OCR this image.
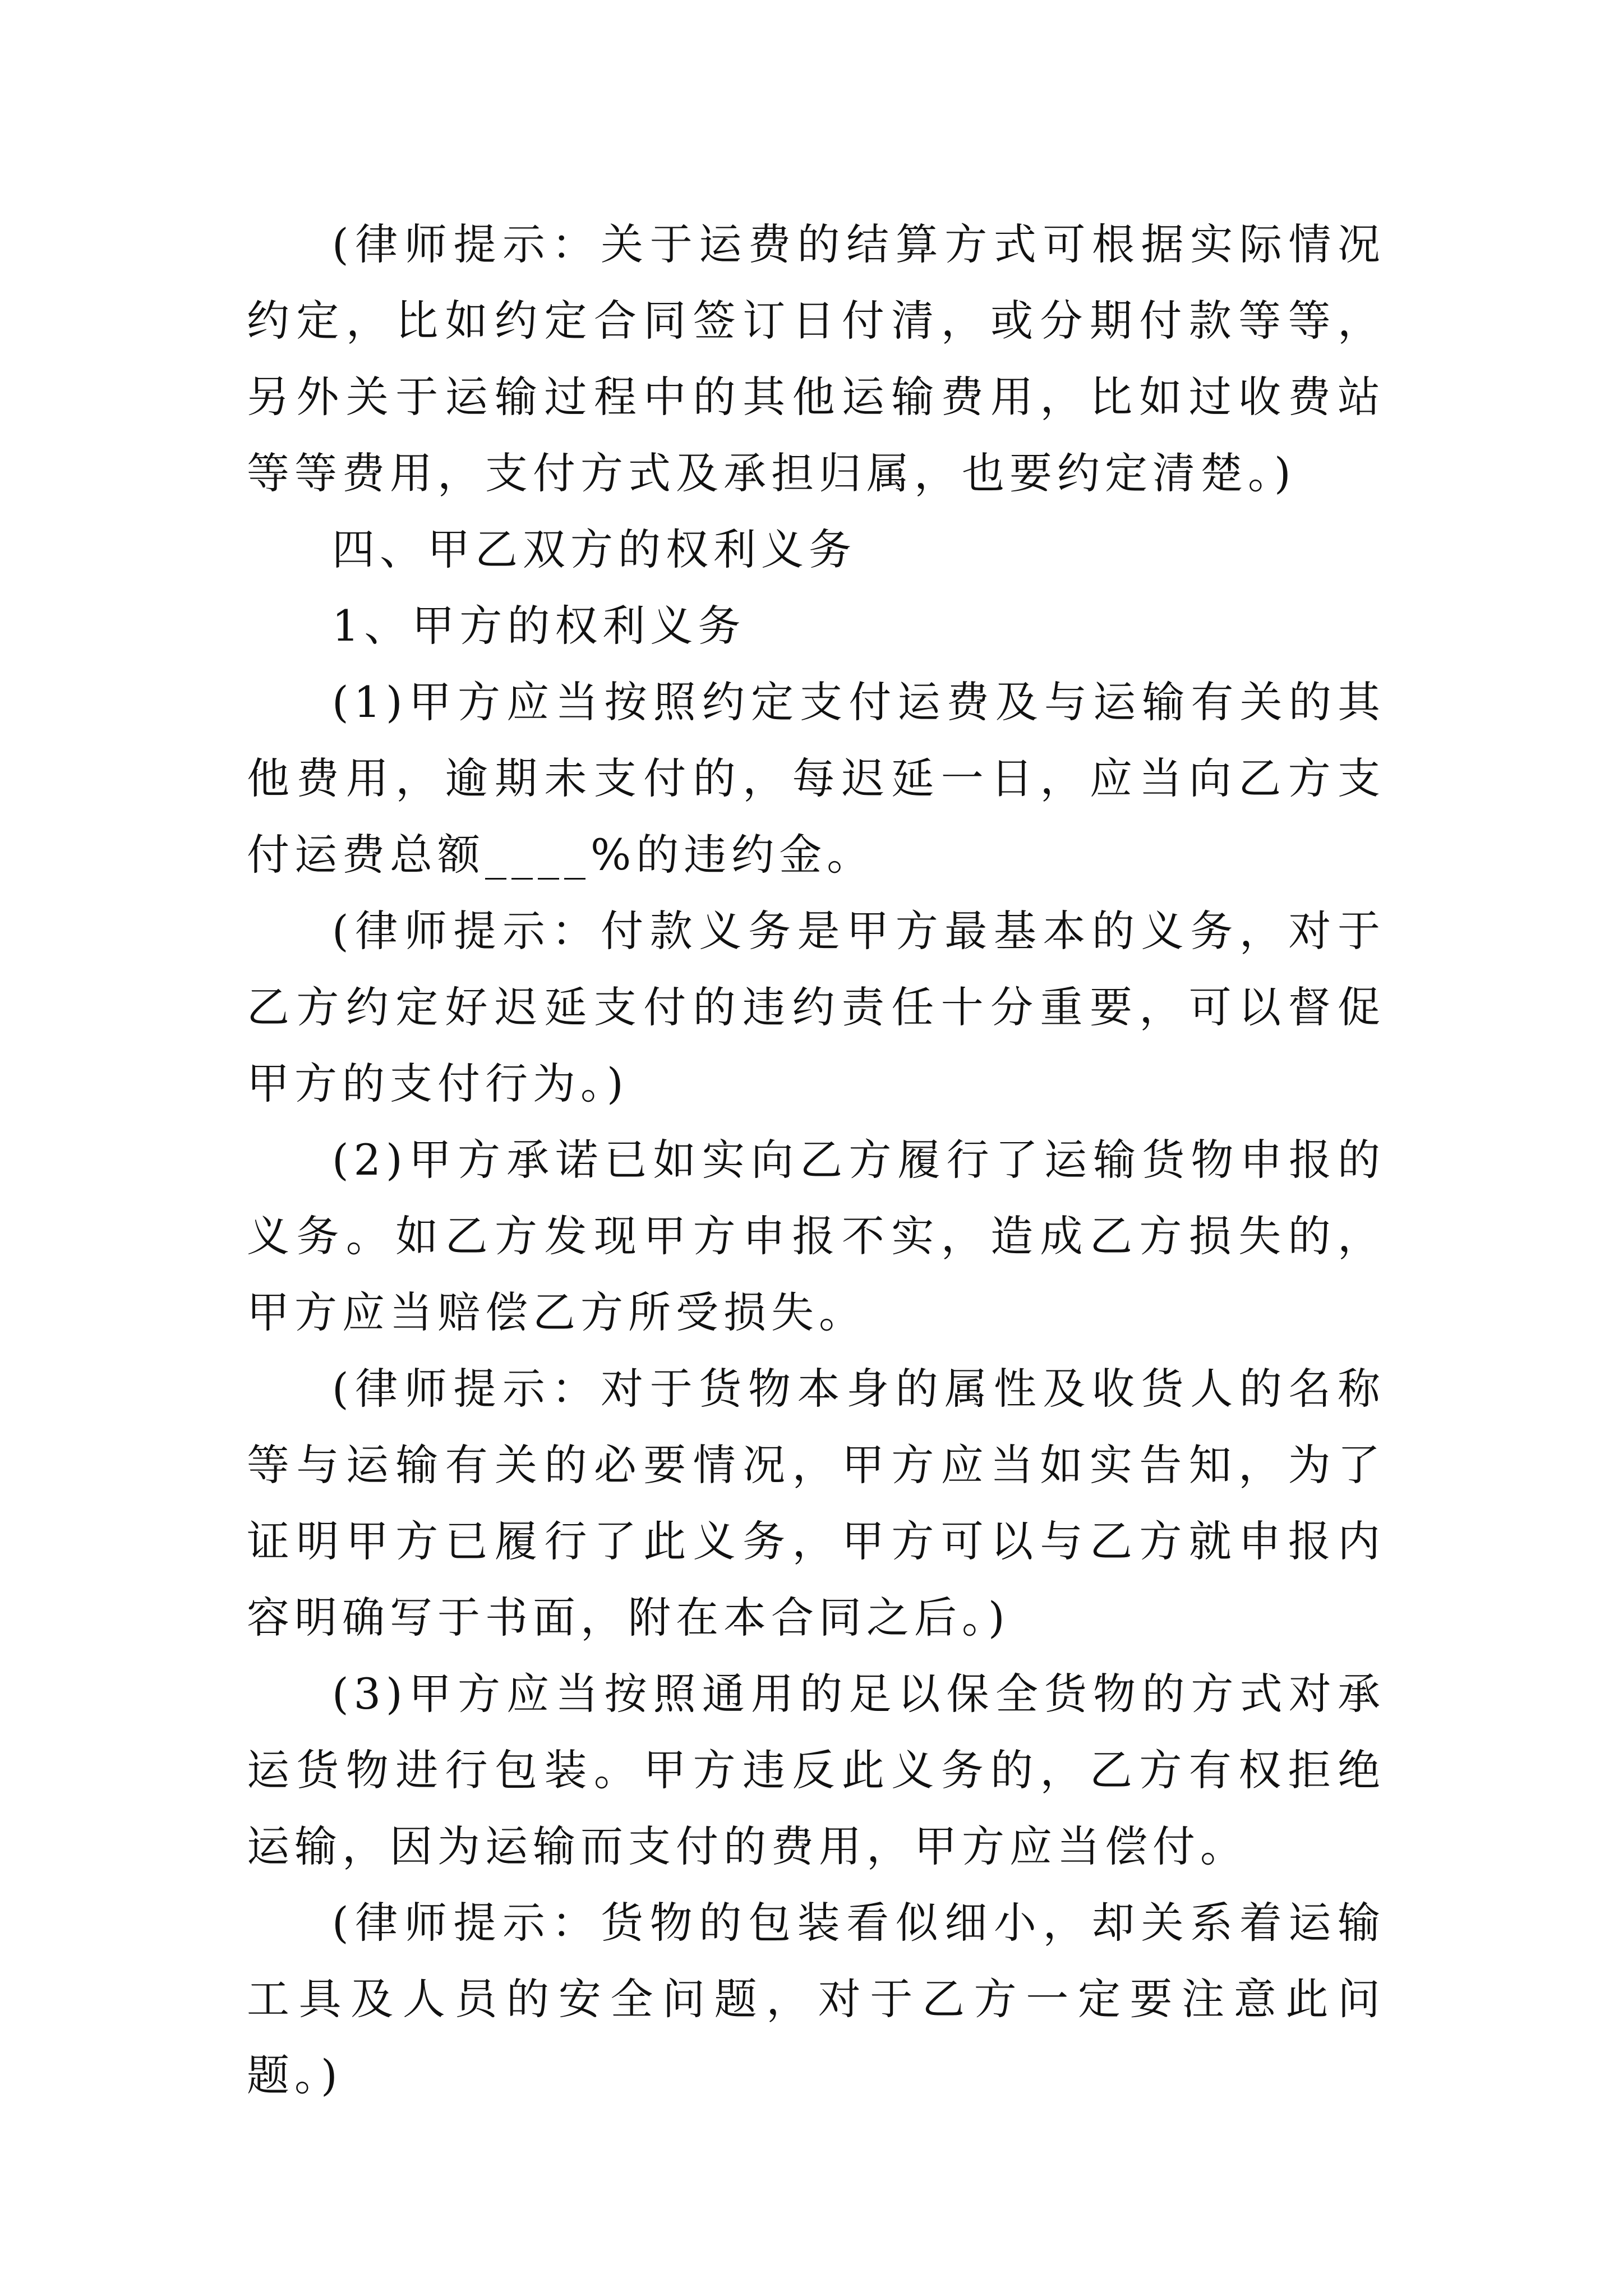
(律师提示：关于运费的结算方式可根据实际情况约定，比如约定合同签订日付清，或分期付款等等，另外关于运输过程中的其他运输费用，比如过收费站等等费用，支付方式及承担归属，也要约定清楚。)

四、甲乙双方的权利义务

1、甲方的权利义务

(1)甲方应当按照约定支付运费及与运输有关的其他费用，逾期未支付的，每迟延一日，应当向乙方支付运费总额____%的违约金。

(律师提示：付款义务是甲方最基本的义务，对于乙方约定好迟延支付的违约责任十分重要，可以督促甲方的支付行为。)

(2)甲方承诺已如实向乙方履行了运输货物申报的义务。如乙方发现甲方申报不实，造成乙方损失的，甲方应当赔偿乙方所受损失。

(律师提示：对于货物本身的属性及收货人的名称等与运输有关的必要情况，甲方应当如实告知，为了证明甲方已履行了此义务，甲方可以与乙方就申报内容明确写于书面，附在本合同之后。)

(3)甲方应当按照通用的足以保全货物的方式对承运货物进行包装。甲方违反此义务的，乙方有权拒绝运输，因为运输而支付的费用，甲方应当偿付。

(律师提示：货物的包装看似细小，却关系着运输工具及人员的安全问题，对于乙方一定要注意此问题。)
